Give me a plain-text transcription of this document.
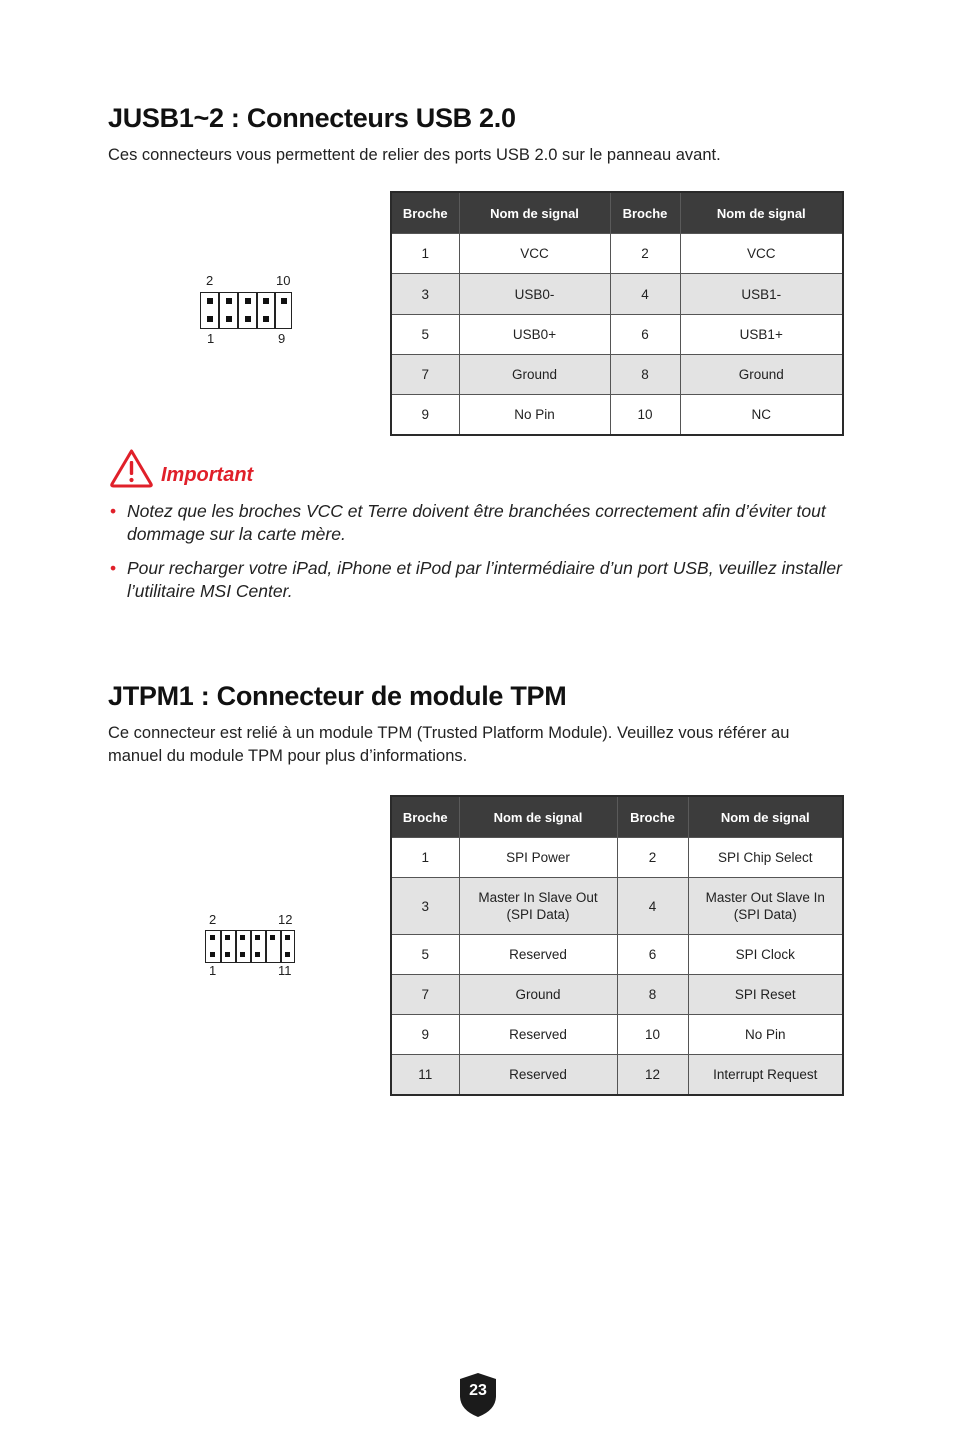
JUSB1~2 : Connecteurs USB 2.0

Ces connecteurs vous permettent de relier des ports USB 2.0 sur le panneau avant.

2	10
1	9
Broche	Nom de signal	Broche	Nom de signal
1	VCC	2	VCC
3	USB0-	4	USB1-
5	USB0+	6	USB1+
7	Ground	8	Ground
9	No Pin	10	NC
Important
• Notez que les broches VCC et Terre doivent être branchées correctement afin d’éviter tout dommage sur la carte mère.
• Pour recharger votre iPad, iPhone et iPod par l’intermédiaire d’un port USB, veuillez installer l’utilitaire MSI Center.
JTPM1 : Connecteur de module TPM

Ce connecteur est relié à un module TPM (Trusted Platform Module). Veuillez vous référer au manuel du module TPM pour plus d’informations.

2	12
1	11
Broche	Nom de signal	Broche	Nom de signal
1	SPI Power	2	SPI Chip Select
3	Master In Slave Out (SPI Data)	4	Master Out Slave In (SPI Data)
5	Reserved	6	SPI Clock
7	Ground	8	SPI Reset
9	Reserved	10	No Pin
11	Reserved	12	Interrupt Request
23
